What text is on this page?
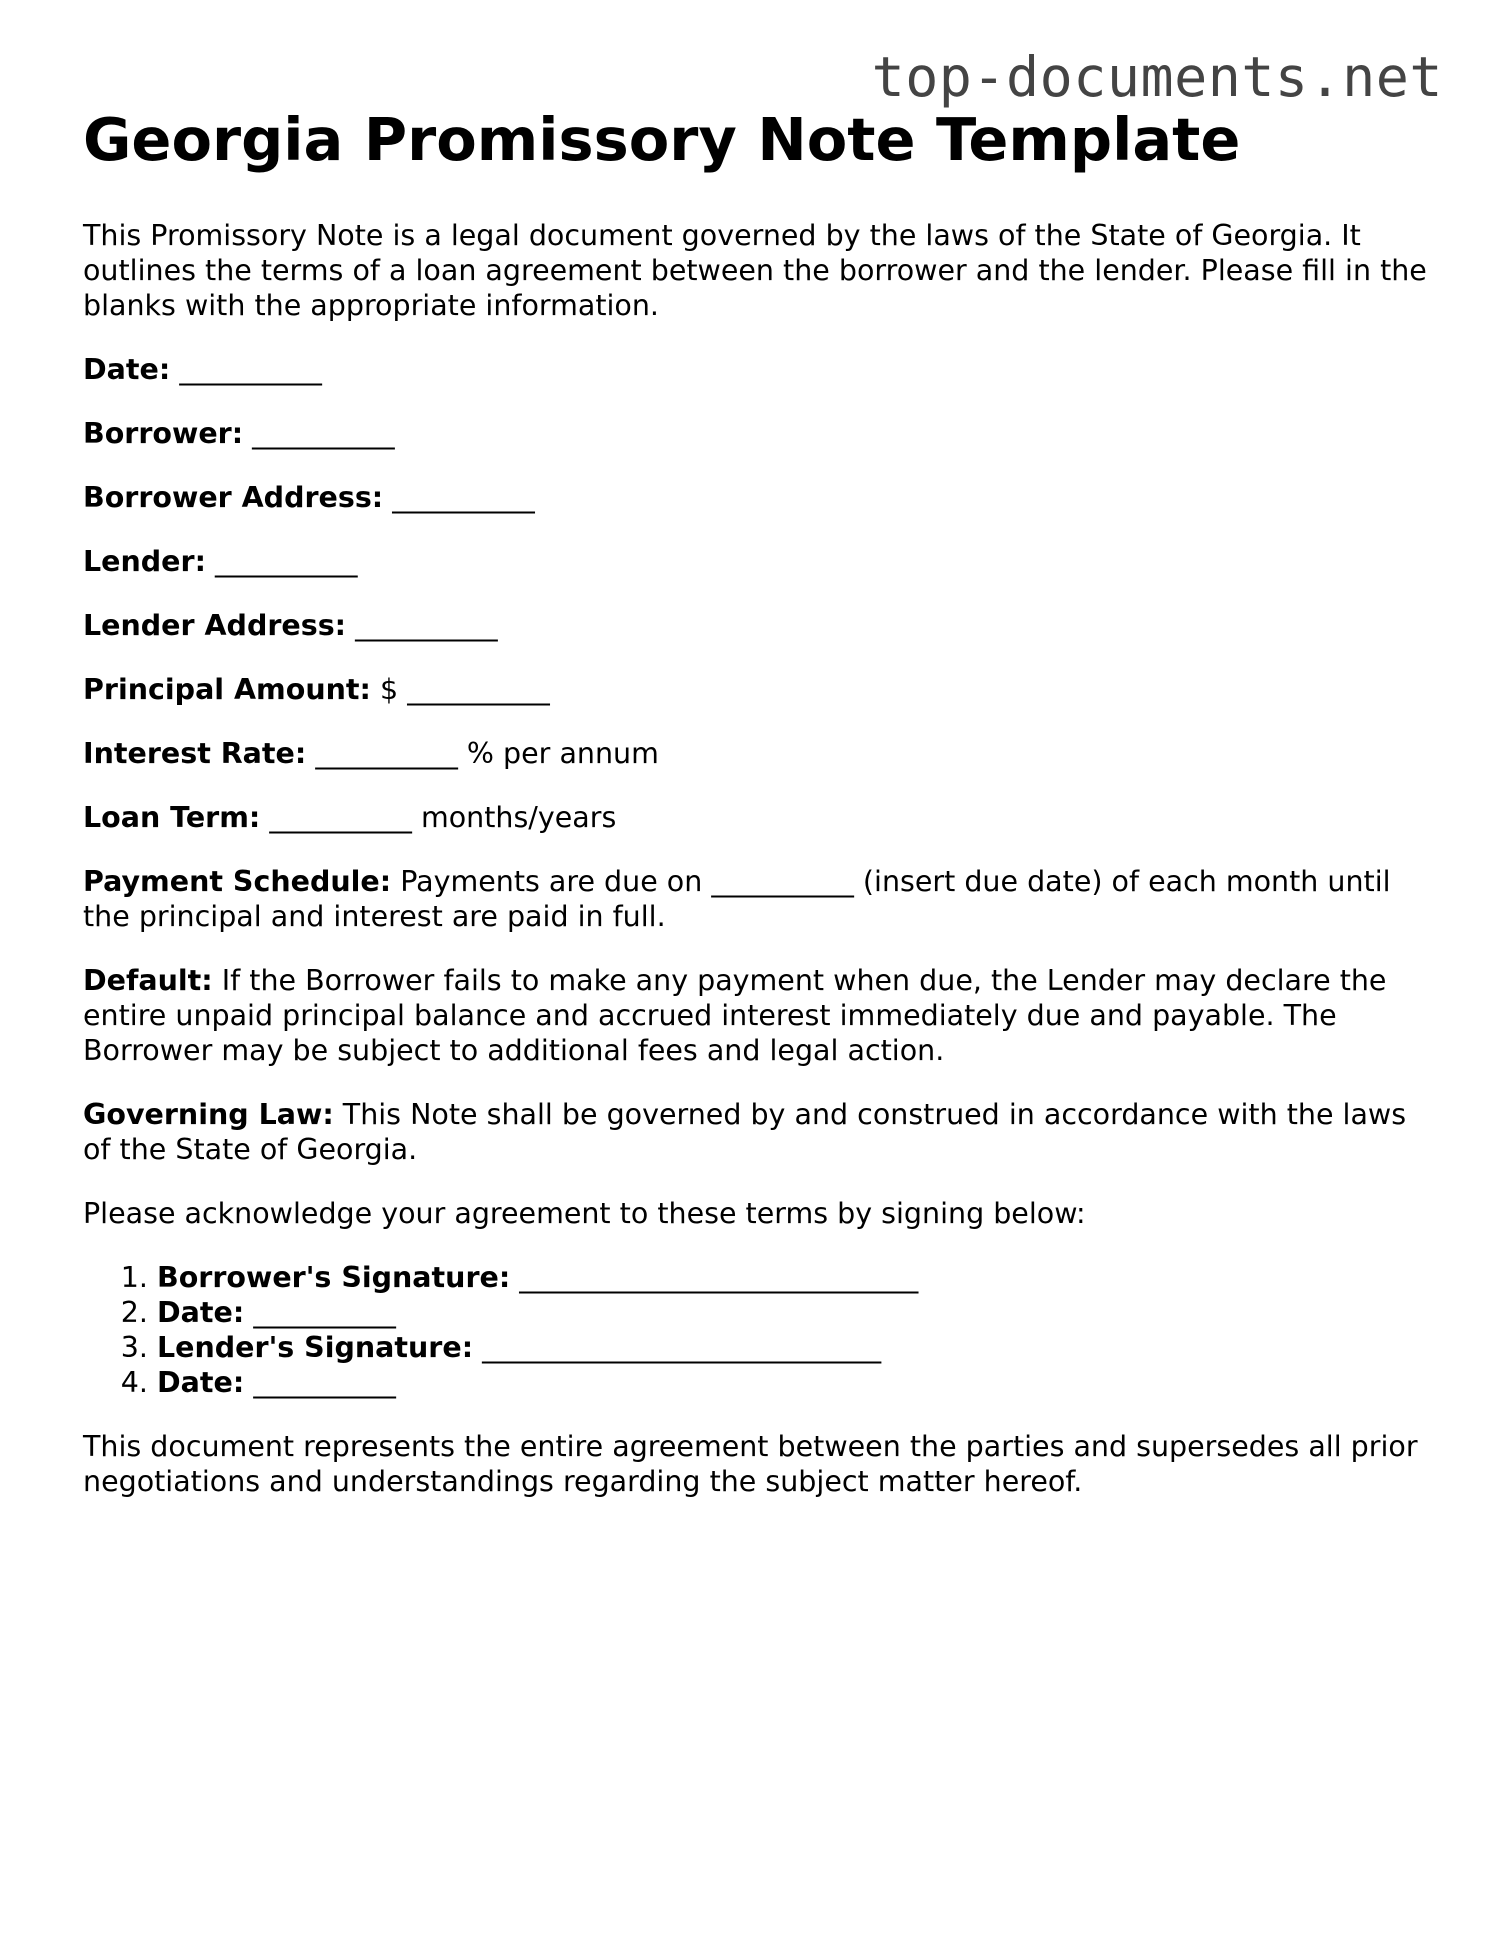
top-documents.net
Georgia Promissory Note Template

This Promissory Note is a legal document governed by the laws of the State of Georgia. It outlines the terms of a loan agreement between the borrower and the lender. Please fill in the blanks with the appropriate information.

Date: __________

Borrower: __________

Borrower Address: __________

Lender: __________

Lender Address: __________

Principal Amount: $ __________

Interest Rate: __________ % per annum

Loan Term: __________ months/years

Payment Schedule: Payments are due on __________ (insert due date) of each month until the principal and interest are paid in full.

Default: If the Borrower fails to make any payment when due, the Lender may declare the entire unpaid principal balance and accrued interest immediately due and payable. The Borrower may be subject to additional fees and legal action.

Governing Law: This Note shall be governed by and construed in accordance with the laws of the State of Georgia.

Please acknowledge your agreement to these terms by signing below:

1. Borrower's Signature: ____________________________
2. Date: __________
3. Lender's Signature: ____________________________
4. Date: __________

This document represents the entire agreement between the parties and supersedes all prior negotiations and understandings regarding the subject matter hereof.
